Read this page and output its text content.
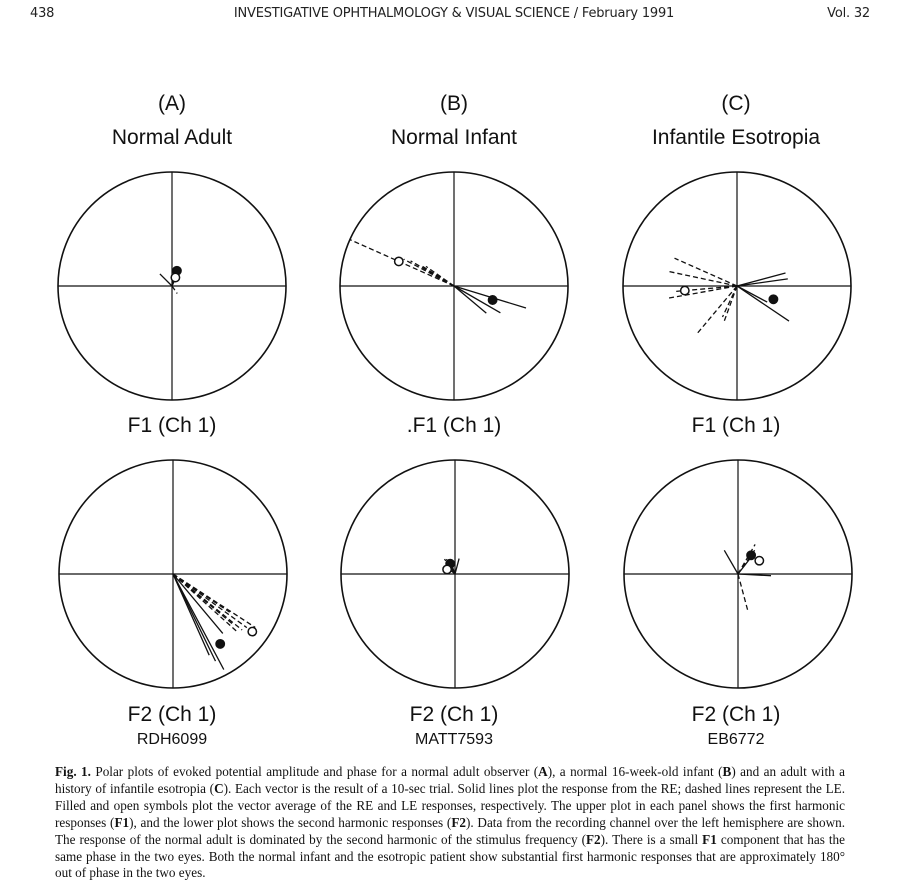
438	INVESTIGATIVE OPHTHALMOLOGY & VISUAL SCIENCE / February 1991	Vol. 32
(A)	(B)	(C)
Normal Adult	Normal Infant	Infantile Esotropia
F1 (Ch 1)	.F1 (Ch 1)	F1 (Ch 1)
F2 (Ch 1)	F2 (Ch 1)	F2 (Ch 1)
RDH6099	MATT7593	EB6772
Fig. 1. Polar plots of evoked potential amplitude and phase for a normal adult observer (A), a normal 16-week-old infant (B) and an adult with a history of infantile esotropia (C). Each vector is the result of a 10-sec trial. Solid lines plot the response from the RE; dashed lines represent the LE. Filled and open symbols plot the vector average of the RE and LE responses, respectively. The upper plot in each panel shows the first harmonic responses (F1), and the lower plot shows the second harmonic responses (F2). Data from the recording channel over the left hemisphere are shown. The response of the normal adult is dominated by the second harmonic of the stimulus frequency (F2). There is a small F1 component that has the same phase in the two eyes. Both the normal infant and the esotropic patient show substantial first harmonic responses that are approximately 180° out of phase in the two eyes.
